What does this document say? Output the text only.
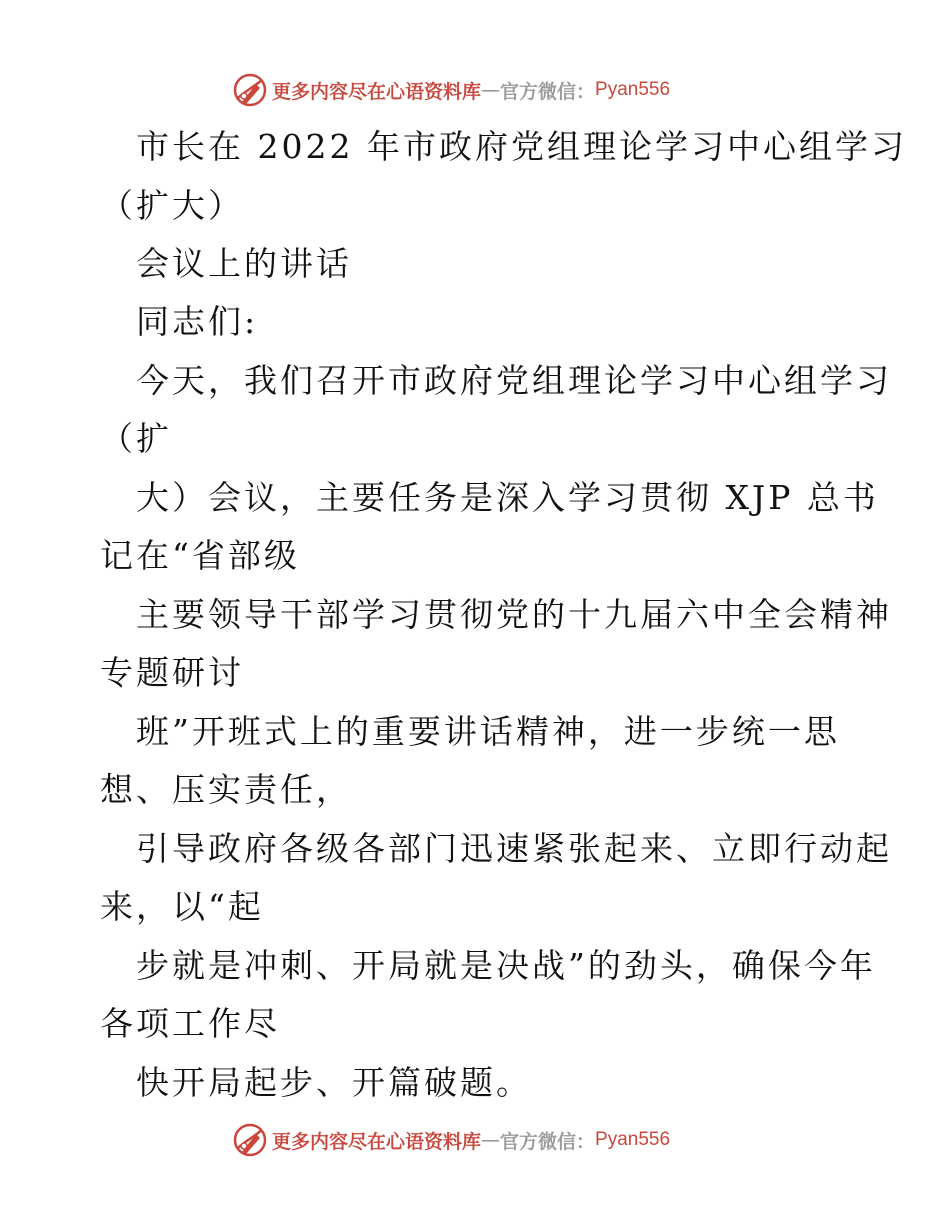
更多内容尽在心语资料库 — 官方微信： Pyan556
市长在 2022 年市政府党组理论学习中心组学习
（扩大）
会议上的讲话
同志们:
今天，我们召开市政府党组理论学习中心组学习
（扩
大）会议，主要任务是深入学习贯彻 XJP 总书
记在“省部级
主要领导干部学习贯彻党的十九届六中全会精神
专题研讨
班”开班式上的重要讲话精神，进一步统一思
想、压实责任，
引导政府各级各部门迅速紧张起来、立即行动起
来，以“起
步就是冲刺、开局就是决战”的劲头，确保今年
各项工作尽
快开局起步、开篇破题。
更多内容尽在心语资料库 — 官方微信： Pyan556
